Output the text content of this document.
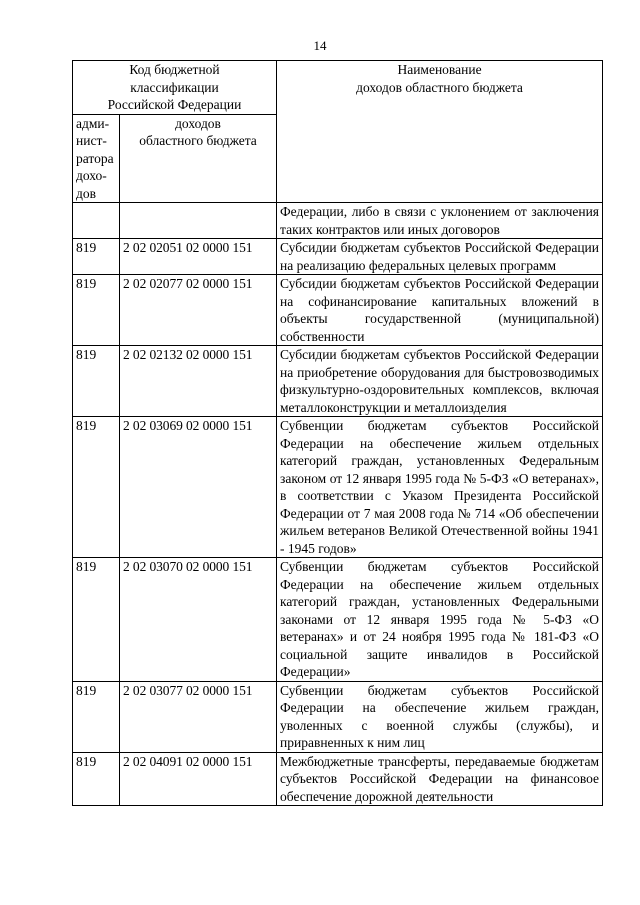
14
Код бюджетной
классификации
Российской Федерации		Наименование
доходов областного бюджета
адми-
нист-
ратора
дохо-
дов	доходов
областного бюджета	
		Федерации, либо в связи с уклонением от заключения таких контрактов или иных договоров
819	2 02 02051 02 0000 151	Субсидии бюджетам субъектов Российской Федерации на реализацию федеральных целевых программ
819	2 02 02077 02 0000 151	Субсидии бюджетам субъектов Российской Федерации на софинансирование капитальных вложений в объекты государственной (муниципальной) собственности
819	2 02 02132 02 0000 151	Субсидии бюджетам субъектов Российской Федерации на приобретение оборудования для быстровозводимых физкультурно-оздоровительных комплексов, включая металлоконструкции и металлоизделия
819	2 02 03069 02 0000 151	Субвенции бюджетам субъектов Российской Федерации на обеспечение жильем отдельных категорий граждан, установленных Федеральным законом от 12 января 1995 года № 5-ФЗ «О ветеранах», в соответствии с Указом Президента Российской Федерации от 7 мая 2008 года № 714 «Об обеспечении жильем ветеранов Великой Отечественной войны 1941 - 1945 годов»
819	2 02 03070 02 0000 151	Субвенции бюджетам субъектов Российской Федерации на обеспечение жильем отдельных категорий граждан, установленных Федеральными законами от 12 января 1995 года № 5-ФЗ «О ветеранах» и от 24 ноября 1995 года № 181-ФЗ «О социальной защите инвалидов в Российской Федерации»
819	2 02 03077 02 0000 151	Субвенции бюджетам субъектов Российской Федерации на обеспечение жильем граждан, уволенных с военной службы (службы), и приравненных к ним лиц
819	2 02 04091 02 0000 151	Межбюджетные трансферты, передаваемые бюджетам субъектов Российской Федерации на финансовое обеспечение дорожной деятельности
